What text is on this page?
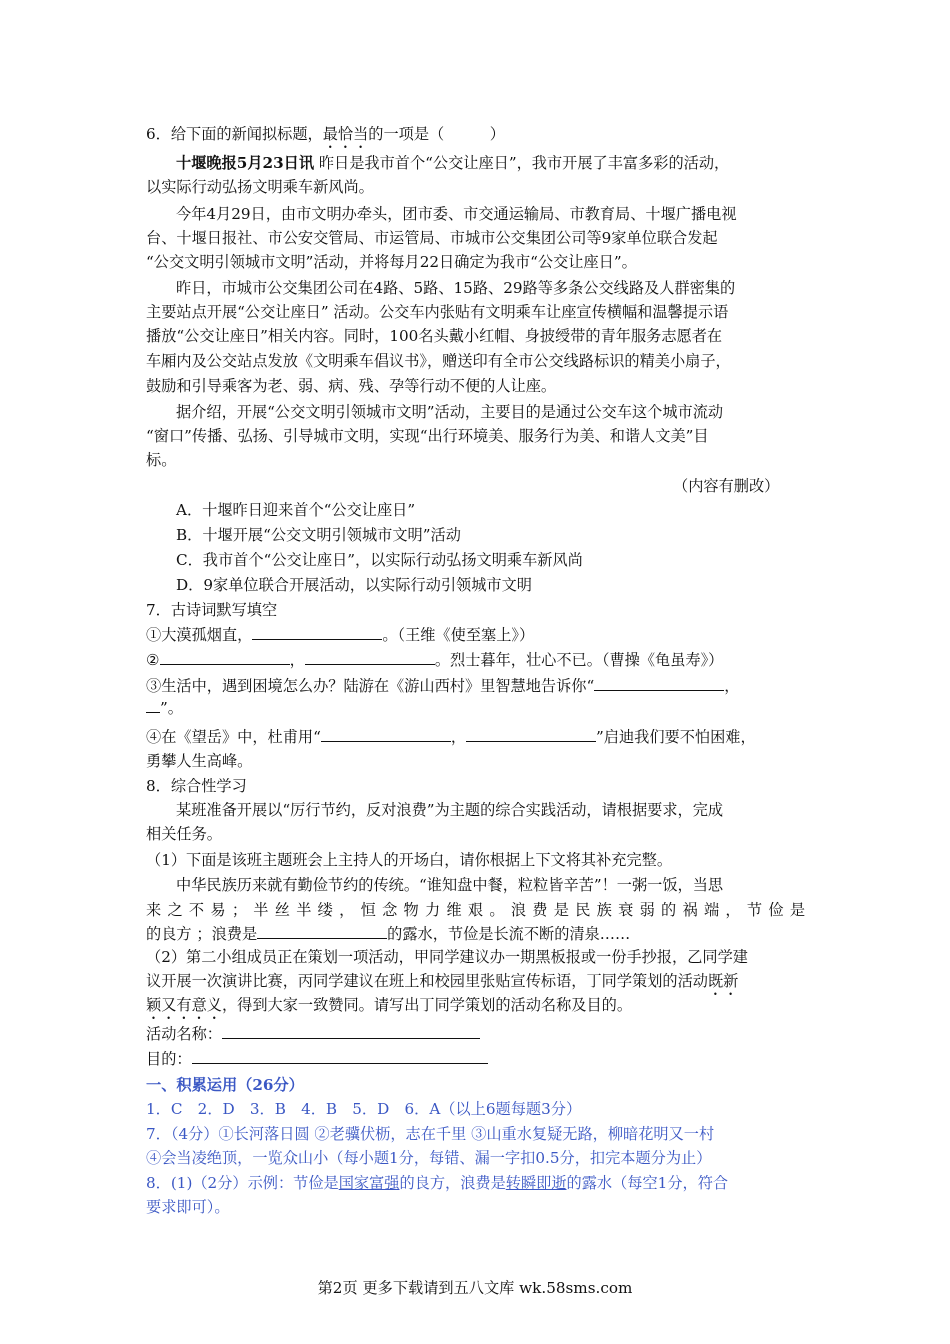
6．给下面的新闻拟标题，最恰当的一项是（　　　）
十堰晚报5月23日讯 昨日是我市首个“公交让座日”，我市开展了丰富多彩的活动，
以实际行动弘扬文明乘车新风尚。
今年4月29日，由市文明办牵头，团市委、市交通运输局、市教育局、十堰广播电视
台、十堰日报社、市公安交管局、市运管局、市城市公交集团公司等9家单位联合发起
“公交文明引领城市文明”活动，并将每月22日确定为我市“公交让座日”。
昨日，市城市公交集团公司在4路、5路、15路、29路等多条公交线路及人群密集的
主要站点开展“公交让座日” 活动。公交车内张贴有文明乘车让座宣传横幅和温馨提示语
播放“公交让座日”相关内容。同时，100名头戴小红帽、身披绶带的青年服务志愿者在
车厢内及公交站点发放《文明乘车倡议书》，赠送印有全市公交线路标识的精美小扇子，
鼓励和引导乘客为老、弱、病、残、孕等行动不便的人让座。
据介绍，开展“公交文明引领城市文明”活动，主要目的是通过公交车这个城市流动
“窗口”传播、弘扬、引导城市文明，实现“出行环境美、服务行为美、和谐人文美”目
标。
（内容有删改）
A．十堰昨日迎来首个“公交让座日”
B．十堰开展“公交文明引领城市文明”活动
C．我市首个“公交让座日”，以实际行动弘扬文明乘车新风尚
D．9家单位联合开展活动，以实际行动引领城市文明
7．古诗词默写填空
①大漠孤烟直，	。（王维《使至塞上》）
②	，	。烈士暮年，壮心不已。（曹操《龟虽寿》）
③生活中，遇到困境怎么办？陆游在《游山西村》里智慧地告诉你“	，
”。
④在《望岳》中，杜甫用“	，	”启迪我们要不怕困难，
勇攀人生高峰。
8．综合性学习
某班准备开展以“厉行节约，反对浪费”为主题的综合实践活动，请根据要求，完成
相关任务。
（1）下面是该班主题班会上主持人的开场白，请你根据上下文将其补充完整。
中华民族历来就有勤俭节约的传统。“谁知盘中餐，粒粒皆辛苦”！一粥一饭，当思
来之不易；半丝半缕，恒念物力维艰。浪费是民族衰弱的祸端，节俭是
的良方 ；浪费是	的露水，节俭是长流不断的清泉……
（2）第二小组成员正在策划一项活动，甲同学建议办一期黑板报或一份手抄报，乙同学建
议开展一次演讲比赛，丙同学建议在班上和校园里张贴宣传标语，丁同学策划的活动既新
颖又有意义，得到大家一致赞同。请写出丁同学策划的活动名称及目的。
活动名称：
目的：
一、积累运用（26分）
1．C　2．D　3．B　4．B　5．D　6．A（以上6题每题3分）
7．（4分）①长河落日圆 ②老骥伏枥，志在千里 ③山重水复疑无路，柳暗花明又一村
④会当凌绝顶，一览众山小（每小题1分，每错、漏一字扣0.5分，扣完本题分为止）
8．(1)（2分）示例：节俭是国家富强的良方，浪费是转瞬即逝的露水（每空1分，符合
要求即可）。
第2页 更多下载请到五八文库 wk.58sms.com
